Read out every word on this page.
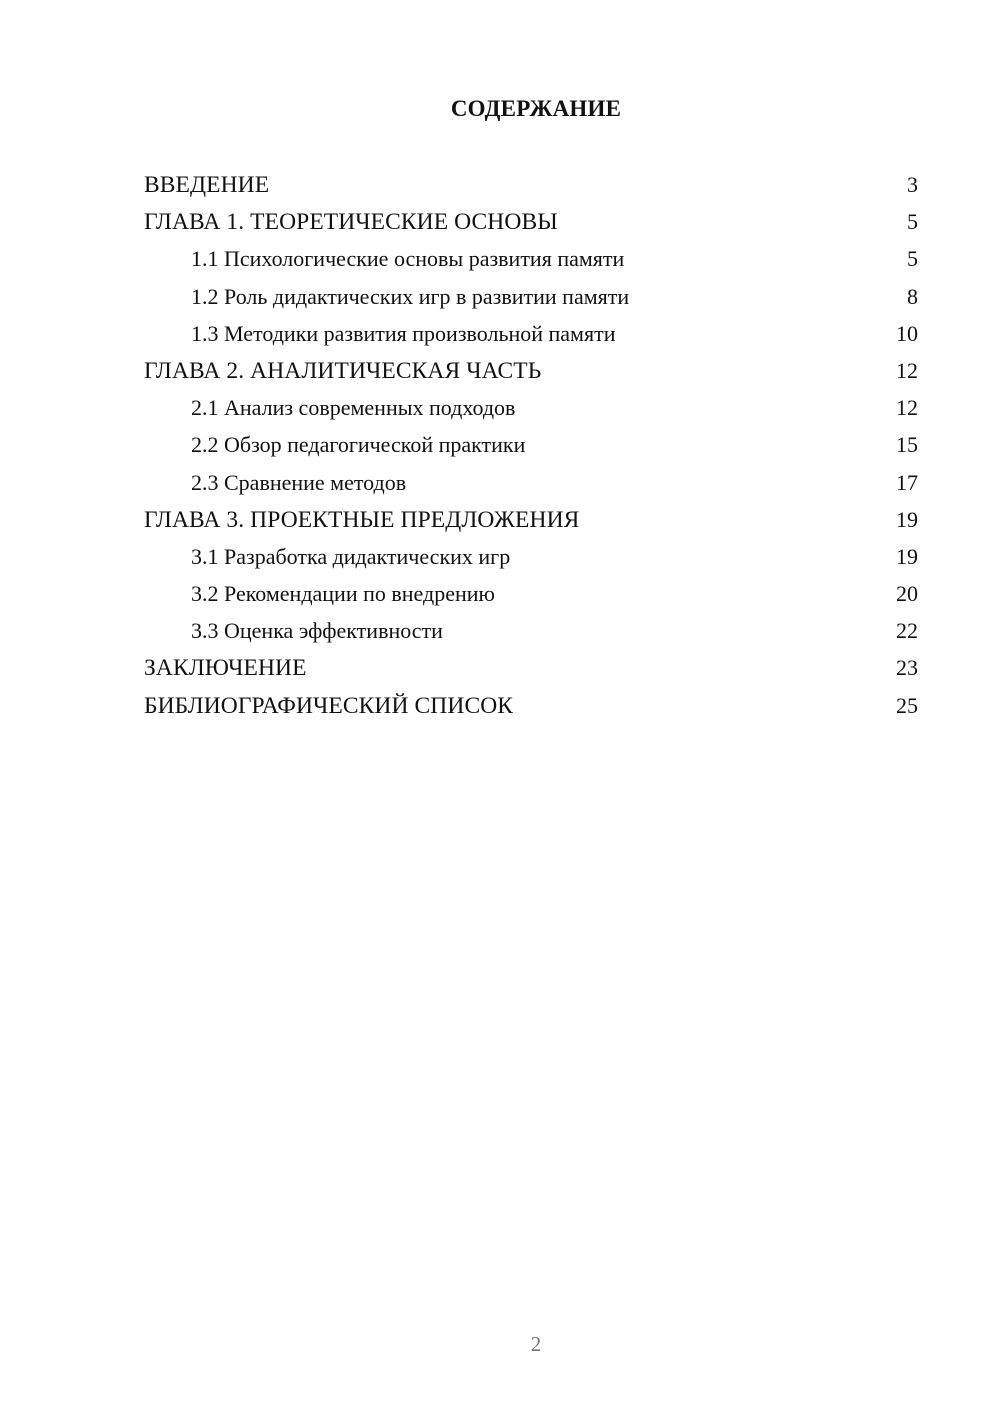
СОДЕРЖАНИЕ
ВВЕДЕНИЕ	3
ГЛАВА 1. ТЕОРЕТИЧЕСКИЕ ОСНОВЫ	5
1.1 Психологические основы развития памяти	5
1.2 Роль дидактических игр в развитии памяти	8
1.3 Методики развития произвольной памяти	10
ГЛАВА 2. АНАЛИТИЧЕСКАЯ ЧАСТЬ	12
2.1 Анализ современных подходов	12
2.2 Обзор педагогической практики	15
2.3 Сравнение методов	17
ГЛАВА 3. ПРОЕКТНЫЕ ПРЕДЛОЖЕНИЯ	19
3.1 Разработка дидактических игр	19
3.2 Рекомендации по внедрению	20
3.3 Оценка эффективности	22
ЗАКЛЮЧЕНИЕ	23
БИБЛИОГРАФИЧЕСКИЙ СПИСОК	25
2
